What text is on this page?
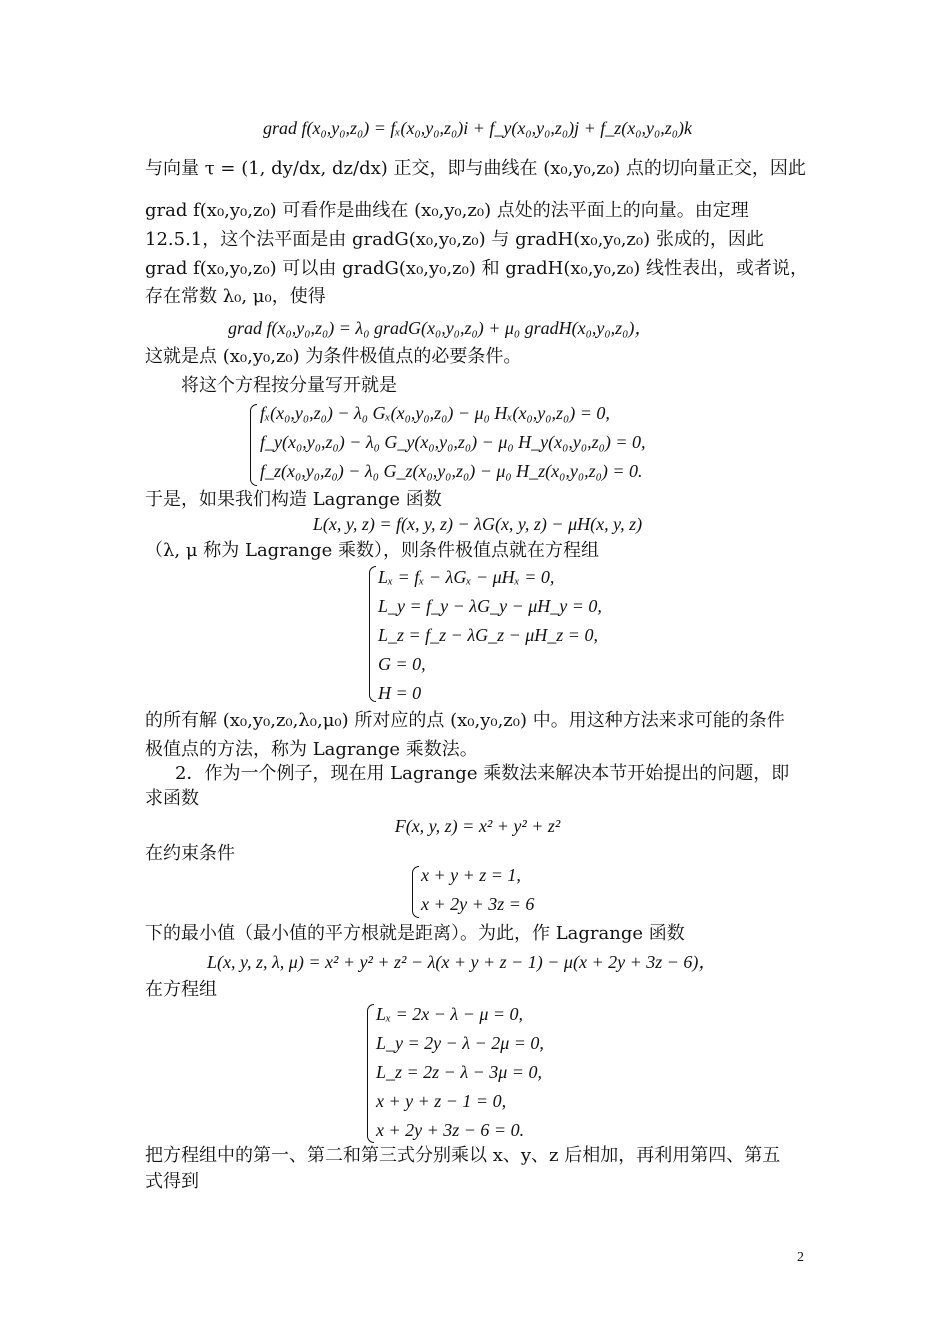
grad f(x₀,y₀,z₀) = fₓ(x₀,y₀,z₀)i + f_y(x₀,y₀,z₀)j + f_z(x₀,y₀,z₀)k
与向量 τ = (1, dy/dx, dz/dx) 正交，即与曲线在 (x₀,y₀,z₀) 点的切向量正交，因此
grad f(x₀,y₀,z₀) 可看作是曲线在 (x₀,y₀,z₀) 点处的法平面上的向量。由定理
12.5.1，这个法平面是由 gradG(x₀,y₀,z₀) 与 gradH(x₀,y₀,z₀) 张成的，因此
grad f(x₀,y₀,z₀) 可以由 gradG(x₀,y₀,z₀) 和 gradH(x₀,y₀,z₀) 线性表出，或者说，
存在常数 λ₀, μ₀，使得
grad f(x₀,y₀,z₀) = λ₀ gradG(x₀,y₀,z₀) + μ₀ gradH(x₀,y₀,z₀)，
这就是点 (x₀,y₀,z₀) 为条件极值点的必要条件。
将这个方程按分量写开就是
fₓ(x₀,y₀,z₀) − λ₀ Gₓ(x₀,y₀,z₀) − μ₀ Hₓ(x₀,y₀,z₀) = 0,
f_y(x₀,y₀,z₀) − λ₀ G_y(x₀,y₀,z₀) − μ₀ H_y(x₀,y₀,z₀) = 0,
f_z(x₀,y₀,z₀) − λ₀ G_z(x₀,y₀,z₀) − μ₀ H_z(x₀,y₀,z₀) = 0.
于是，如果我们构造 Lagrange 函数
L(x, y, z) = f(x, y, z) − λG(x, y, z) − μH(x, y, z)
（λ, μ 称为 Lagrange 乘数），则条件极值点就在方程组
Lₓ = fₓ − λGₓ − μHₓ = 0,
L_y = f_y − λG_y − μH_y = 0,
L_z = f_z − λG_z − μH_z = 0,
G = 0,
H = 0
的所有解 (x₀,y₀,z₀,λ₀,μ₀) 所对应的点 (x₀,y₀,z₀) 中。用这种方法来求可能的条件
极值点的方法，称为 Lagrange 乘数法。
2．作为一个例子，现在用 Lagrange 乘数法来解决本节开始提出的问题，即
求函数
F(x, y, z) = x² + y² + z²
在约束条件
x + y + z = 1,
x + 2y + 3z = 6
下的最小值（最小值的平方根就是距离）。为此，作 Lagrange 函数
L(x, y, z, λ, μ) = x² + y² + z² − λ(x + y + z − 1) − μ(x + 2y + 3z − 6)，
在方程组
Lₓ = 2x − λ − μ = 0,
L_y = 2y − λ − 2μ = 0,
L_z = 2z − λ − 3μ = 0,
x + y + z − 1 = 0,
x + 2y + 3z − 6 = 0.
把方程组中的第一、第二和第三式分别乘以 x、y、z 后相加，再利用第四、第五
式得到
2
